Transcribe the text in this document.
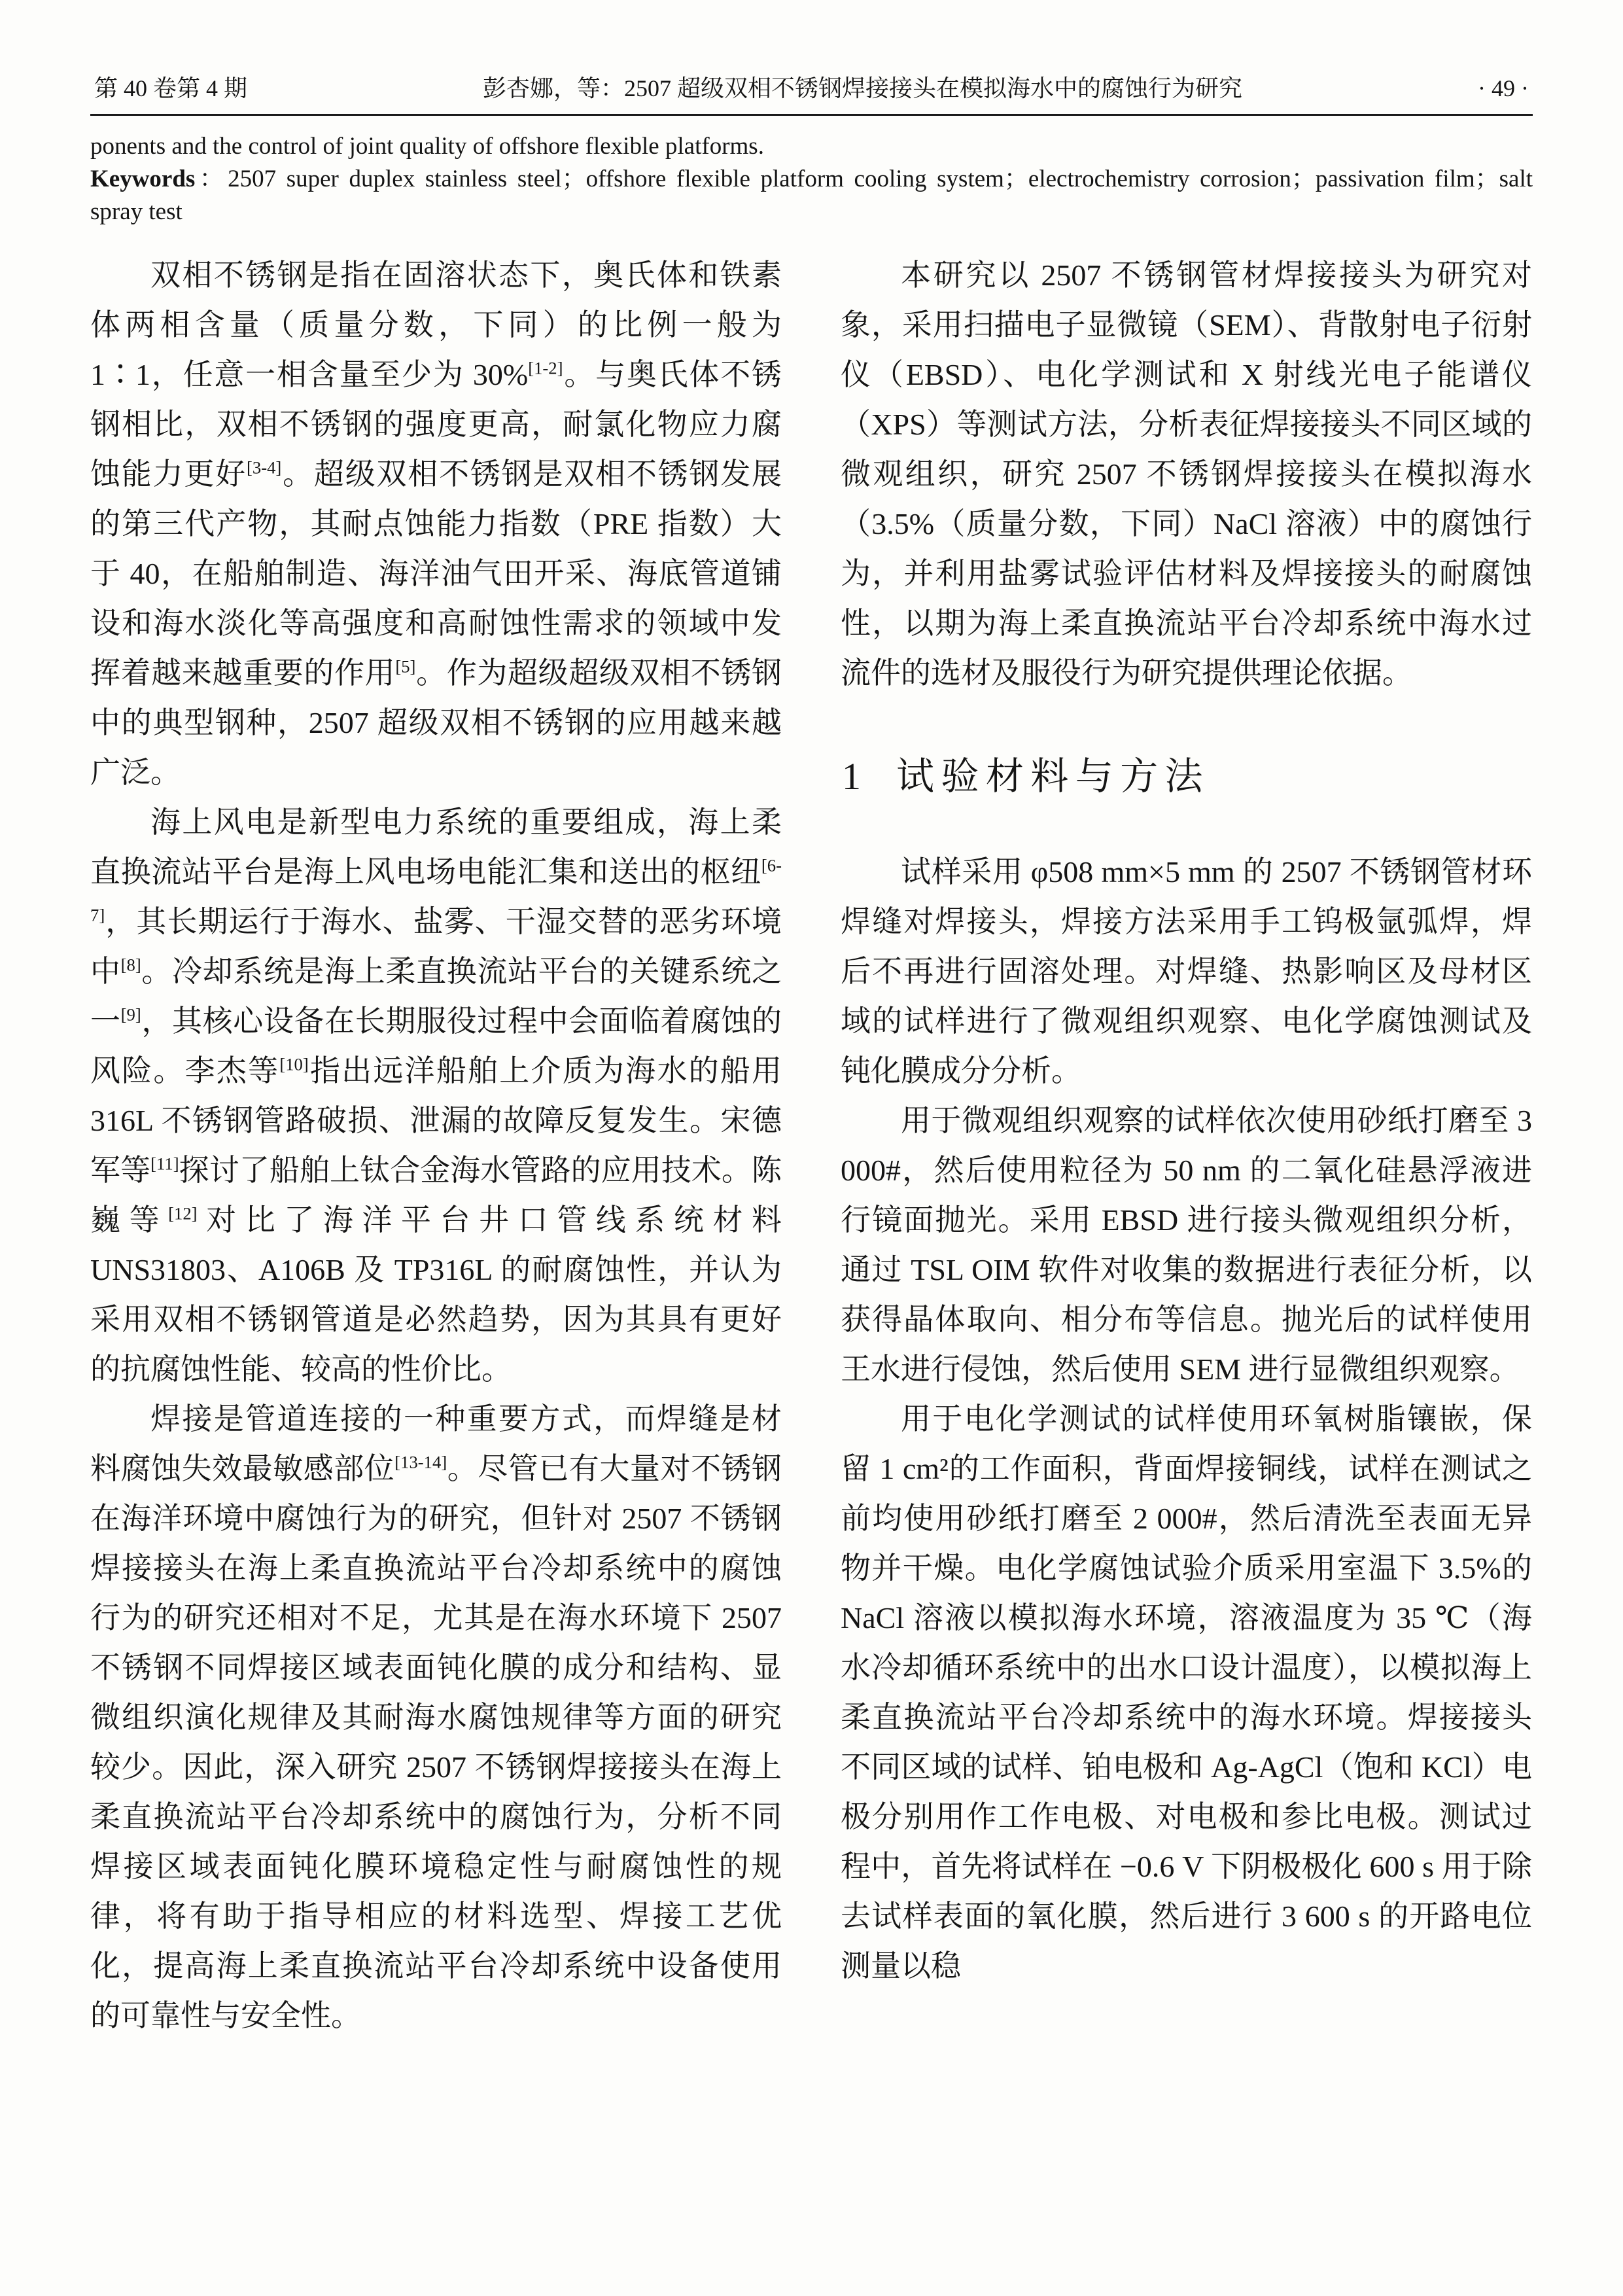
第 40 卷第 4 期	彭杏娜，等：2507 超级双相不锈钢焊接接头在模拟海水中的腐蚀行为研究	· 49 ·

ponents and the control of joint quality of offshore flexible platforms.

Keywords：2507 super duplex stainless steel；offshore flexible platform cooling system；electrochemistry corrosion；passivation film；salt spray test

双相不锈钢是指在固溶状态下，奥氏体和铁素体两相含量（质量分数，下同）的比例一般为 1∶1，任意一相含量至少为 30%[1-2]。与奥氏体不锈钢相比，双相不锈钢的强度更高，耐氯化物应力腐蚀能力更好[3-4]。超级双相不锈钢是双相不锈钢发展的第三代产物，其耐点蚀能力指数（PRE 指数）大于 40，在船舶制造、海洋油气田开采、海底管道铺设和海水淡化等高强度和高耐蚀性需求的领域中发挥着越来越重要的作用[5]。作为超级超级双相不锈钢中的典型钢种，2507 超级双相不锈钢的应用越来越广泛。

海上风电是新型电力系统的重要组成，海上柔直换流站平台是海上风电场电能汇集和送出的枢纽[6-7]，其长期运行于海水、盐雾、干湿交替的恶劣环境中[8]。冷却系统是海上柔直换流站平台的关键系统之一[9]，其核心设备在长期服役过程中会面临着腐蚀的风险。李杰等[10]指出远洋船舶上介质为海水的船用 316L 不锈钢管路破损、泄漏的故障反复发生。宋德军等[11]探讨了船舶上钛合金海水管路的应用技术。陈巍等[12]对比了海洋平台井口管线系统材料 UNS31803、A106B 及 TP316L 的耐腐蚀性，并认为采用双相不锈钢管道是必然趋势，因为其具有更好的抗腐蚀性能、较高的性价比。

焊接是管道连接的一种重要方式，而焊缝是材料腐蚀失效最敏感部位[13-14]。尽管已有大量对不锈钢在海洋环境中腐蚀行为的研究，但针对 2507 不锈钢焊接接头在海上柔直换流站平台冷却系统中的腐蚀行为的研究还相对不足，尤其是在海水环境下 2507 不锈钢不同焊接区域表面钝化膜的成分和结构、显微组织演化规律及其耐海水腐蚀规律等方面的研究较少。因此，深入研究 2507 不锈钢焊接接头在海上柔直换流站平台冷却系统中的腐蚀行为，分析不同焊接区域表面钝化膜环境稳定性与耐腐蚀性的规律，将有助于指导相应的材料选型、焊接工艺优化，提高海上柔直换流站平台冷却系统中设备使用的可靠性与安全性。

本研究以 2507 不锈钢管材焊接接头为研究对象，采用扫描电子显微镜（SEM）、背散射电子衍射仪（EBSD）、电化学测试和 X 射线光电子能谱仪（XPS）等测试方法，分析表征焊接接头不同区域的微观组织，研究 2507 不锈钢焊接接头在模拟海水（3.5%（质量分数，下同）NaCl 溶液）中的腐蚀行为，并利用盐雾试验评估材料及焊接接头的耐腐蚀性，以期为海上柔直换流站平台冷却系统中海水过流件的选材及服役行为研究提供理论依据。

1 试验材料与方法

试样采用 φ508 mm×5 mm 的 2507 不锈钢管材环焊缝对焊接头，焊接方法采用手工钨极氩弧焊，焊后不再进行固溶处理。对焊缝、热影响区及母材区域的试样进行了微观组织观察、电化学腐蚀测试及钝化膜成分分析。

用于微观组织观察的试样依次使用砂纸打磨至 3 000#，然后使用粒径为 50 nm 的二氧化硅悬浮液进行镜面抛光。采用 EBSD 进行接头微观组织分析，通过 TSL OIM 软件对收集的数据进行表征分析，以获得晶体取向、相分布等信息。抛光后的试样使用王水进行侵蚀，然后使用 SEM 进行显微组织观察。

用于电化学测试的试样使用环氧树脂镶嵌，保留 1 cm²的工作面积，背面焊接铜线，试样在测试之前均使用砂纸打磨至 2 000#，然后清洗至表面无异物并干燥。电化学腐蚀试验介质采用室温下 3.5%的 NaCl 溶液以模拟海水环境，溶液温度为 35 ℃（海水冷却循环系统中的出水口设计温度），以模拟海上柔直换流站平台冷却系统中的海水环境。焊接接头不同区域的试样、铂电极和 Ag-AgCl（饱和 KCl）电极分别用作工作电极、对电极和参比电极。测试过程中，首先将试样在 −0.6 V 下阴极极化 600 s 用于除去试样表面的氧化膜，然后进行 3 600 s 的开路电位测量以稳
